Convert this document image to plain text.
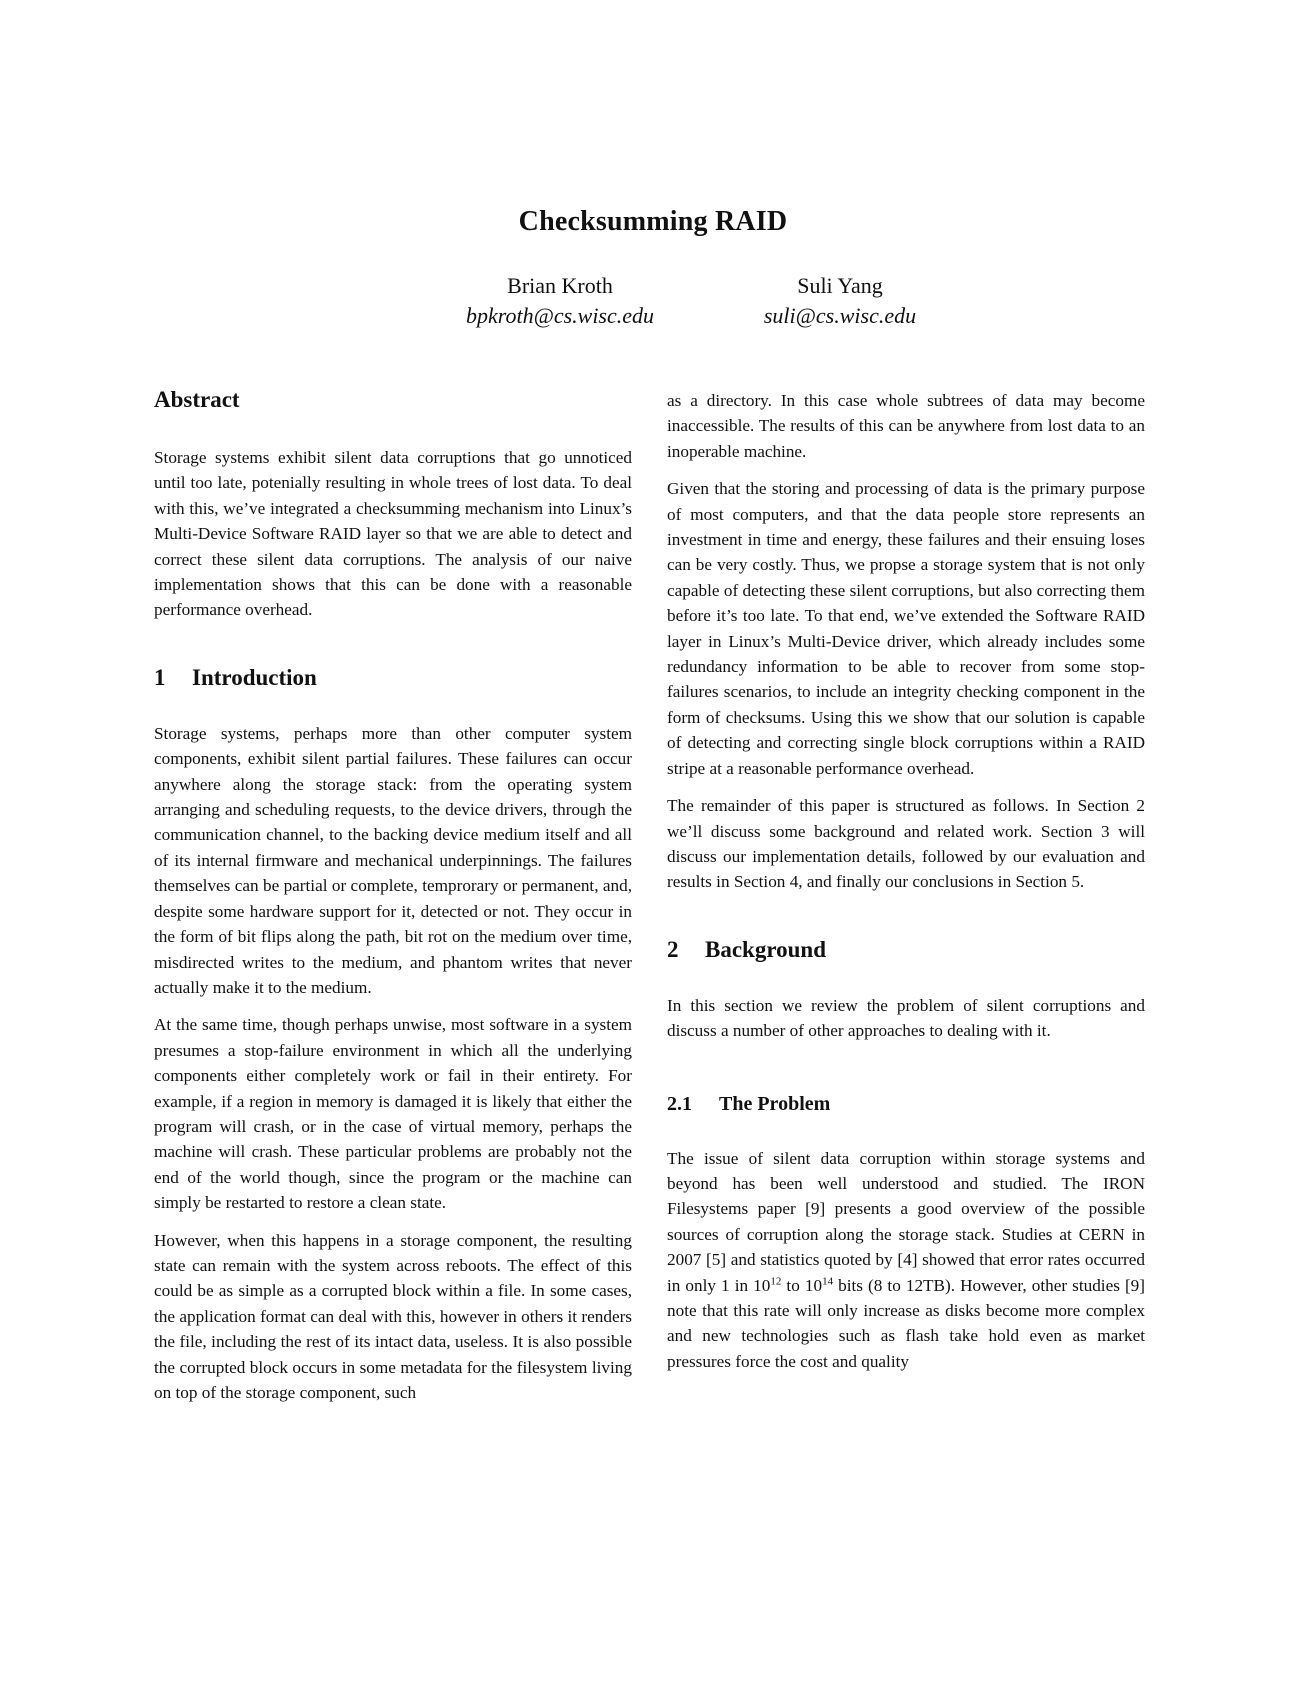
Checksumming RAID
Brian Kroth
bpkroth@cs.wisc.edu
Suli Yang
suli@cs.wisc.edu
Abstract

Storage systems exhibit silent data corruptions that go unnoticed until too late, potenially resulting in whole trees of lost data. To deal with this, we’ve integrated a checksumming mechanism into Linux’s Multi-Device Software RAID layer so that we are able to detect and correct these silent data corruptions. The analysis of our naive implementation shows that this can be done with a reasonable performance overhead.

1 Introduction

Storage systems, perhaps more than other computer system components, exhibit silent partial failures. These failures can occur anywhere along the storage stack: from the operating system arranging and scheduling requests, to the device drivers, through the communication channel, to the backing device medium itself and all of its internal firmware and mechanical underpinnings. The failures themselves can be partial or complete, temprorary or permanent, and, despite some hardware support for it, detected or not. They occur in the form of bit flips along the path, bit rot on the medium over time, misdirected writes to the medium, and phantom writes that never actually make it to the medium.

At the same time, though perhaps unwise, most software in a system presumes a stop-failure environment in which all the underlying components either completely work or fail in their entirety. For example, if a region in memory is damaged it is likely that either the program will crash, or in the case of virtual memory, perhaps the machine will crash. These particular problems are probably not the end of the world though, since the program or the machine can simply be restarted to restore a clean state.

However, when this happens in a storage component, the resulting state can remain with the system across reboots. The effect of this could be as simple as a corrupted block within a file. In some cases, the application format can deal with this, however in others it renders the file, including the rest of its intact data, useless. It is also possible the corrupted block occurs in some metadata for the filesystem living on top of the storage component, such

as a directory. In this case whole subtrees of data may become inaccessible. The results of this can be anywhere from lost data to an inoperable machine.

Given that the storing and processing of data is the primary purpose of most computers, and that the data people store represents an investment in time and energy, these failures and their ensuing loses can be very costly. Thus, we propse a storage system that is not only capable of detecting these silent corruptions, but also correcting them before it’s too late. To that end, we’ve extended the Software RAID layer in Linux’s Multi-Device driver, which already includes some redundancy information to be able to recover from some stop-failures scenarios, to include an integrity checking component in the form of checksums. Using this we show that our solution is capable of detecting and correcting single block corruptions within a RAID stripe at a reasonable performance overhead.

The remainder of this paper is structured as follows. In Section 2 we’ll discuss some background and related work. Section 3 will discuss our implementation details, followed by our evaluation and results in Section 4, and finally our conclusions in Section 5.

2 Background

In this section we review the problem of silent corruptions and discuss a number of other approaches to dealing with it.

2.1 The Problem

The issue of silent data corruption within storage systems and beyond has been well understood and studied. The IRON Filesystems paper [9] presents a good overview of the possible sources of corruption along the storage stack. Studies at CERN in 2007 [5] and statistics quoted by [4] showed that error rates occurred in only 1 in $10^{12}$ to $10^{14}$ bits (8 to 12TB). However, other studies [9] note that this rate will only increase as disks become more complex and new technologies such as flash take hold even as market pressures force the cost and quality
